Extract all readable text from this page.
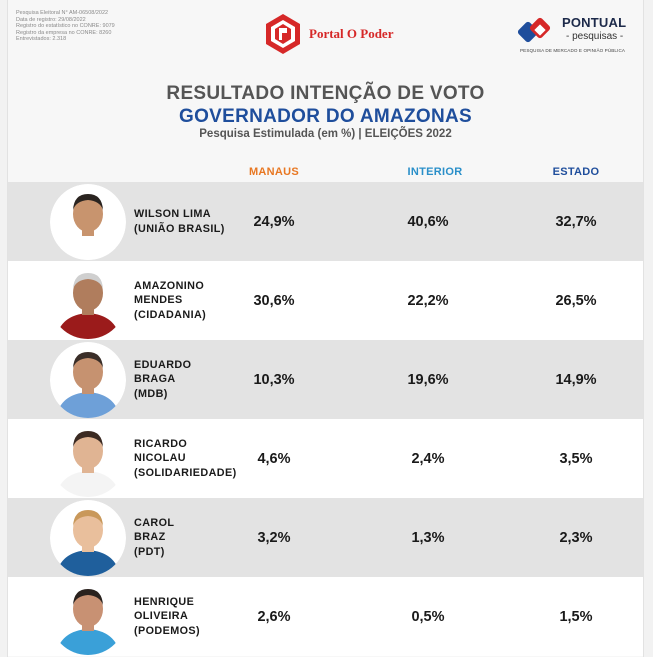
Pesquisa Eleitoral N° AM-06508/2022
Data de registro: 29/08/2022
Registro do estatístico no CONRE: 9079
Registro da empresa no CONRE: 8260
Entrevistados: 2.318	Portal O Poder
PONTUAL
- pesquisas -
PESQUISA DE MERCADO E OPINIÃO PÚBLICA
RESULTADO INTENÇÃO DE VOTO
GOVERNADOR DO AMAZONAS
Pesquisa Estimulada (em %) | ELEIÇÕES 2022
MANAUS	INTERIOR	ESTADO
WILSON LIMA
(UNIÃO BRASIL)	24,9%	40,6%	32,7%
AMAZONINO
MENDES
(CIDADANIA)
30,6%	22,2%	26,5%
EDUARDO
BRAGA
(MDB)
10,3%	19,6%	14,9%
RICARDO
NICOLAU
(SOLIDARIEDADE)
4,6%	2,4%	3,5%
CAROL
BRAZ
(PDT)
3,2%	1,3%	2,3%
HENRIQUE
OLIVEIRA
(PODEMOS)
2,6%	0,5%	1,5%
